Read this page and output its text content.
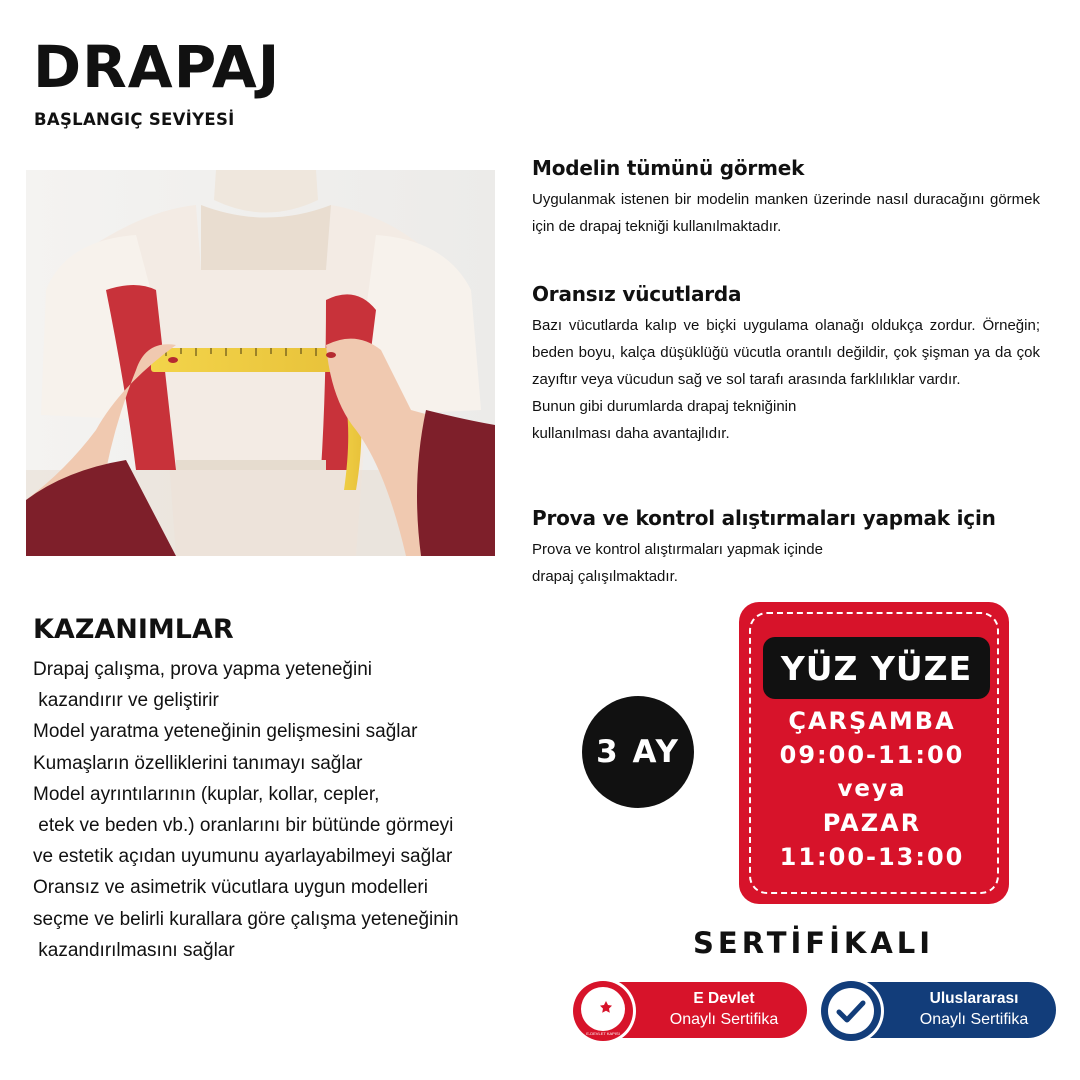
DRAPAJ
BAŞLANGIÇ SEVİYESİ
Modelin tümünü görmek

Uygulanmak istenen bir modelin manken üzerinde nasıl duracağını görmek için de drapaj tekniği kullanılmaktadır.

Oransız vücutlarda

Bazı vücutlarda kalıp ve biçki uygulama olanağı oldukça zordur. Örneğin; beden boyu, kalça düşüklüğü vücutla orantılı değildir, çok şişman ya da çok zayıftır veya vücudun sağ ve sol tarafı arasında farklılıklar vardır.

Bunun gibi durumlarda drapaj tekniğinin

kullanılması daha avantajlıdır.

Prova ve kontrol alıştırmaları yapmak için

Prova ve kontrol alıştırmaları yapmak içinde

drapaj çalışılmaktadır.

KAZANIMLAR
Drapaj çalışma, prova yapma yeteneğini
kazandırır ve geliştirir
Model yaratma yeteneğinin gelişmesini sağlar
Kumaşların özelliklerini tanımayı sağlar
Model ayrıntılarının (kuplar, kollar, cepler,
etek ve beden vb.) oranlarını bir bütünde görmeyi
ve estetik açıdan uyumunu ayarlayabilmeyi sağlar
Oransız ve asimetrik vücutlara uygun modelleri
seçme ve belirli kurallara göre çalışma yeteneğinin
kazandırılmasını sağlar
3 AY
YÜZ YÜZE
ÇARŞAMBA
09:00-11:00
veya
PAZAR
11:00-13:00
SERTİFİKALI
E-DEVLET KAPISI
E Devlet
Onaylı Sertifika
Uluslararası
Onaylı Sertifika
